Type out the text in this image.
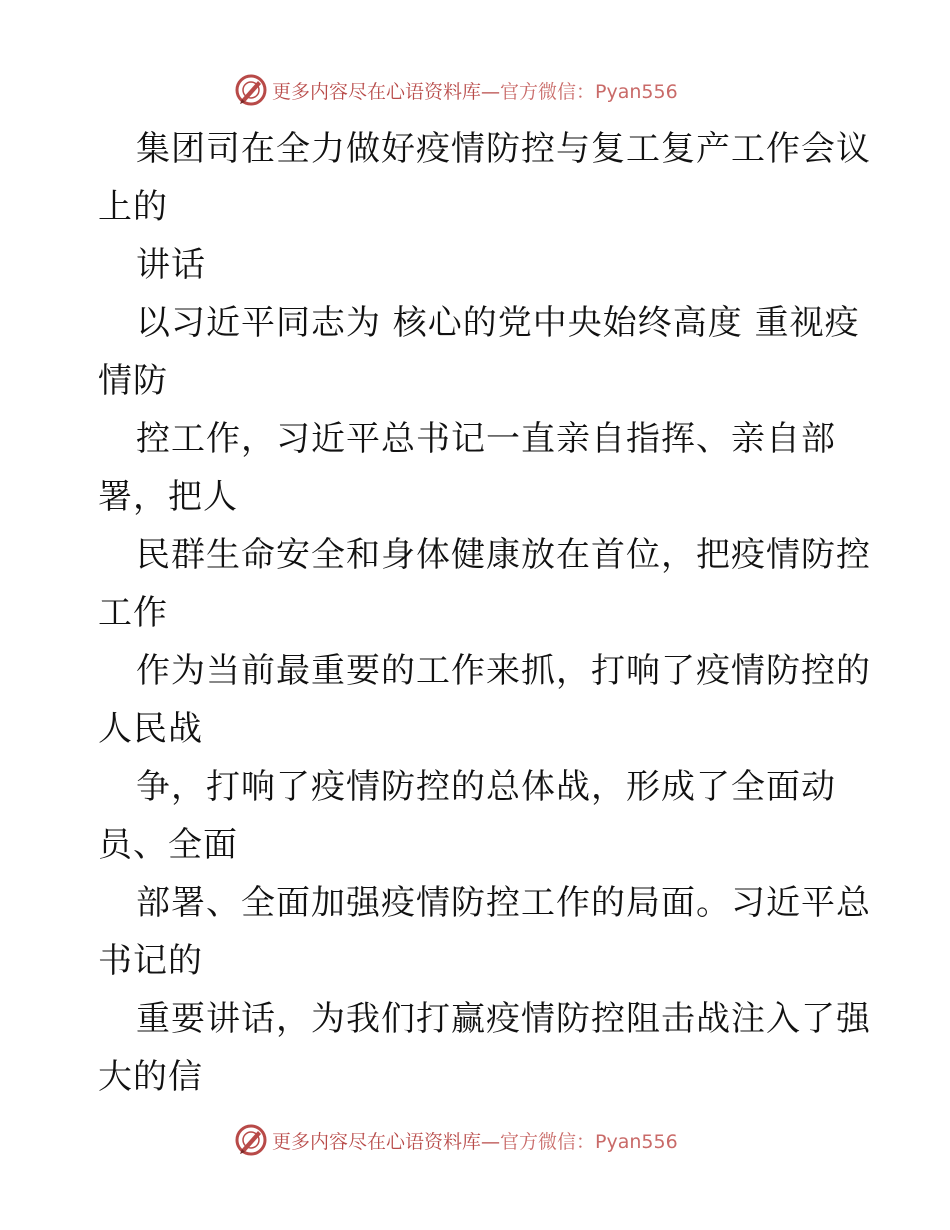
更多内容尽在心语资料库— 官方微信：Pyan556
集团司在全力做好疫情防控与复工复产工作会议
上的
讲话
以习近平同志为 核心的党中央始终高度 重视疫
情防
控工作，习近平总书记一直亲自指挥、亲自部
署，把人
民群生命安全和身体健康放在首位，把疫情防控
工作
作为当前最重要的工作来抓，打响了疫情防控的
人民战
争，打响了疫情防控的总体战，形成了全面动
员、全面
部署、全面加强疫情防控工作的局面。习近平总
书记的
重要讲话，为我们打赢疫情防控阻击战注入了强
大的信
更多内容尽在心语资料库— 官方微信：Pyan556
